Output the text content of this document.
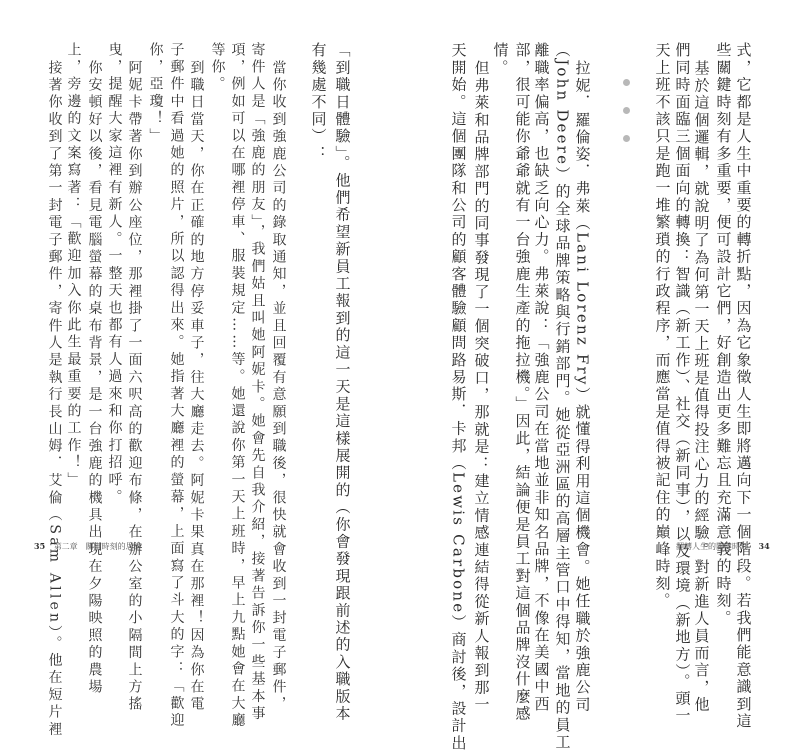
「到職日體驗」。他們希望新員工報到的這一天是這樣展開的（你會發現跟前述的入職版本
有幾處不同）：
當你收到強鹿公司的錄取通知，並且回覆有意願到職後，很快就會收到一封電子郵件，
寄件人是「強鹿的朋友」，我們姑且叫她阿妮卡。她會先自我介紹，接著告訴你一些基本事
項，例如可以在哪裡停車、服裝規定……等。她還說你第一天上班時，早上九點她會在大廳
等你。
到職日當天，你在正確的地方停妥車子，往大廳走去。阿妮卡果真在那裡！因為你在電
子郵件中看過她的照片，所以認得出來。她指著大廳裡的螢幕，上面寫了斗大的字：「歡迎
你，亞瓊！」
阿妮卡帶著你到辦公座位，那裡掛了一面六呎高的歡迎布條，在辦公室的小隔間上方搖
曳，提醒大家這裡有新人。一整天也都有人過來和你打招呼。
你安頓好以後，看見電腦螢幕的桌布背景，是一台強鹿的機具出現在夕陽映照的農場
上，旁邊的文案寫著：「歡迎加入你此生最重要的工作！」
接著你收到了第一封電子郵件，寄件人是執行長山姆．艾倫（Sam Allen）。他在短片裡
35 第二章　關鍵時刻的思維	式，它都是人生中重要的轉折點，因為它象徵人生即將邁向下一個階段。若我們能意識到這
些關鍵時刻有多重要，便可設計它們，好創造出更多難忘且充滿意義的時刻。
基於這個邏輯，就說明了為何第一天上班是值得投注心力的經驗。對新進人員而言，他
們同時面臨三個面向的轉換：智識（新工作）、社交（新同事），以及環境（新地方）。頭一
天上班不該只是跑一堆繁瑣的行政程序，而應當是值得被記住的巔峰時刻。
拉妮．羅倫姿．弗萊（Lani Lorenz Fry）就懂得利用這個機會。她任職於強鹿公司
（John Deere）的全球品牌策略與行銷部門。她從亞洲區的高層主管口中得知，當地的員工
離職率偏高，也缺乏向心力。弗萊說：「強鹿公司在當地並非知名品牌，不像在美國中西
部，很可能你爺爺就有一台強鹿生產的拖拉機。」因此，結論便是員工對這個品牌沒什麼感
情。
但弗萊和品牌部門的同事發現了一個突破口，那就是：建立情感連結得從新人報到那一
天開始。這個團隊和公司的顧客體驗顧問路易斯．卡邦（Lewis Carbone）商討後，設計出	翻轉人生的關鍵時刻 34
